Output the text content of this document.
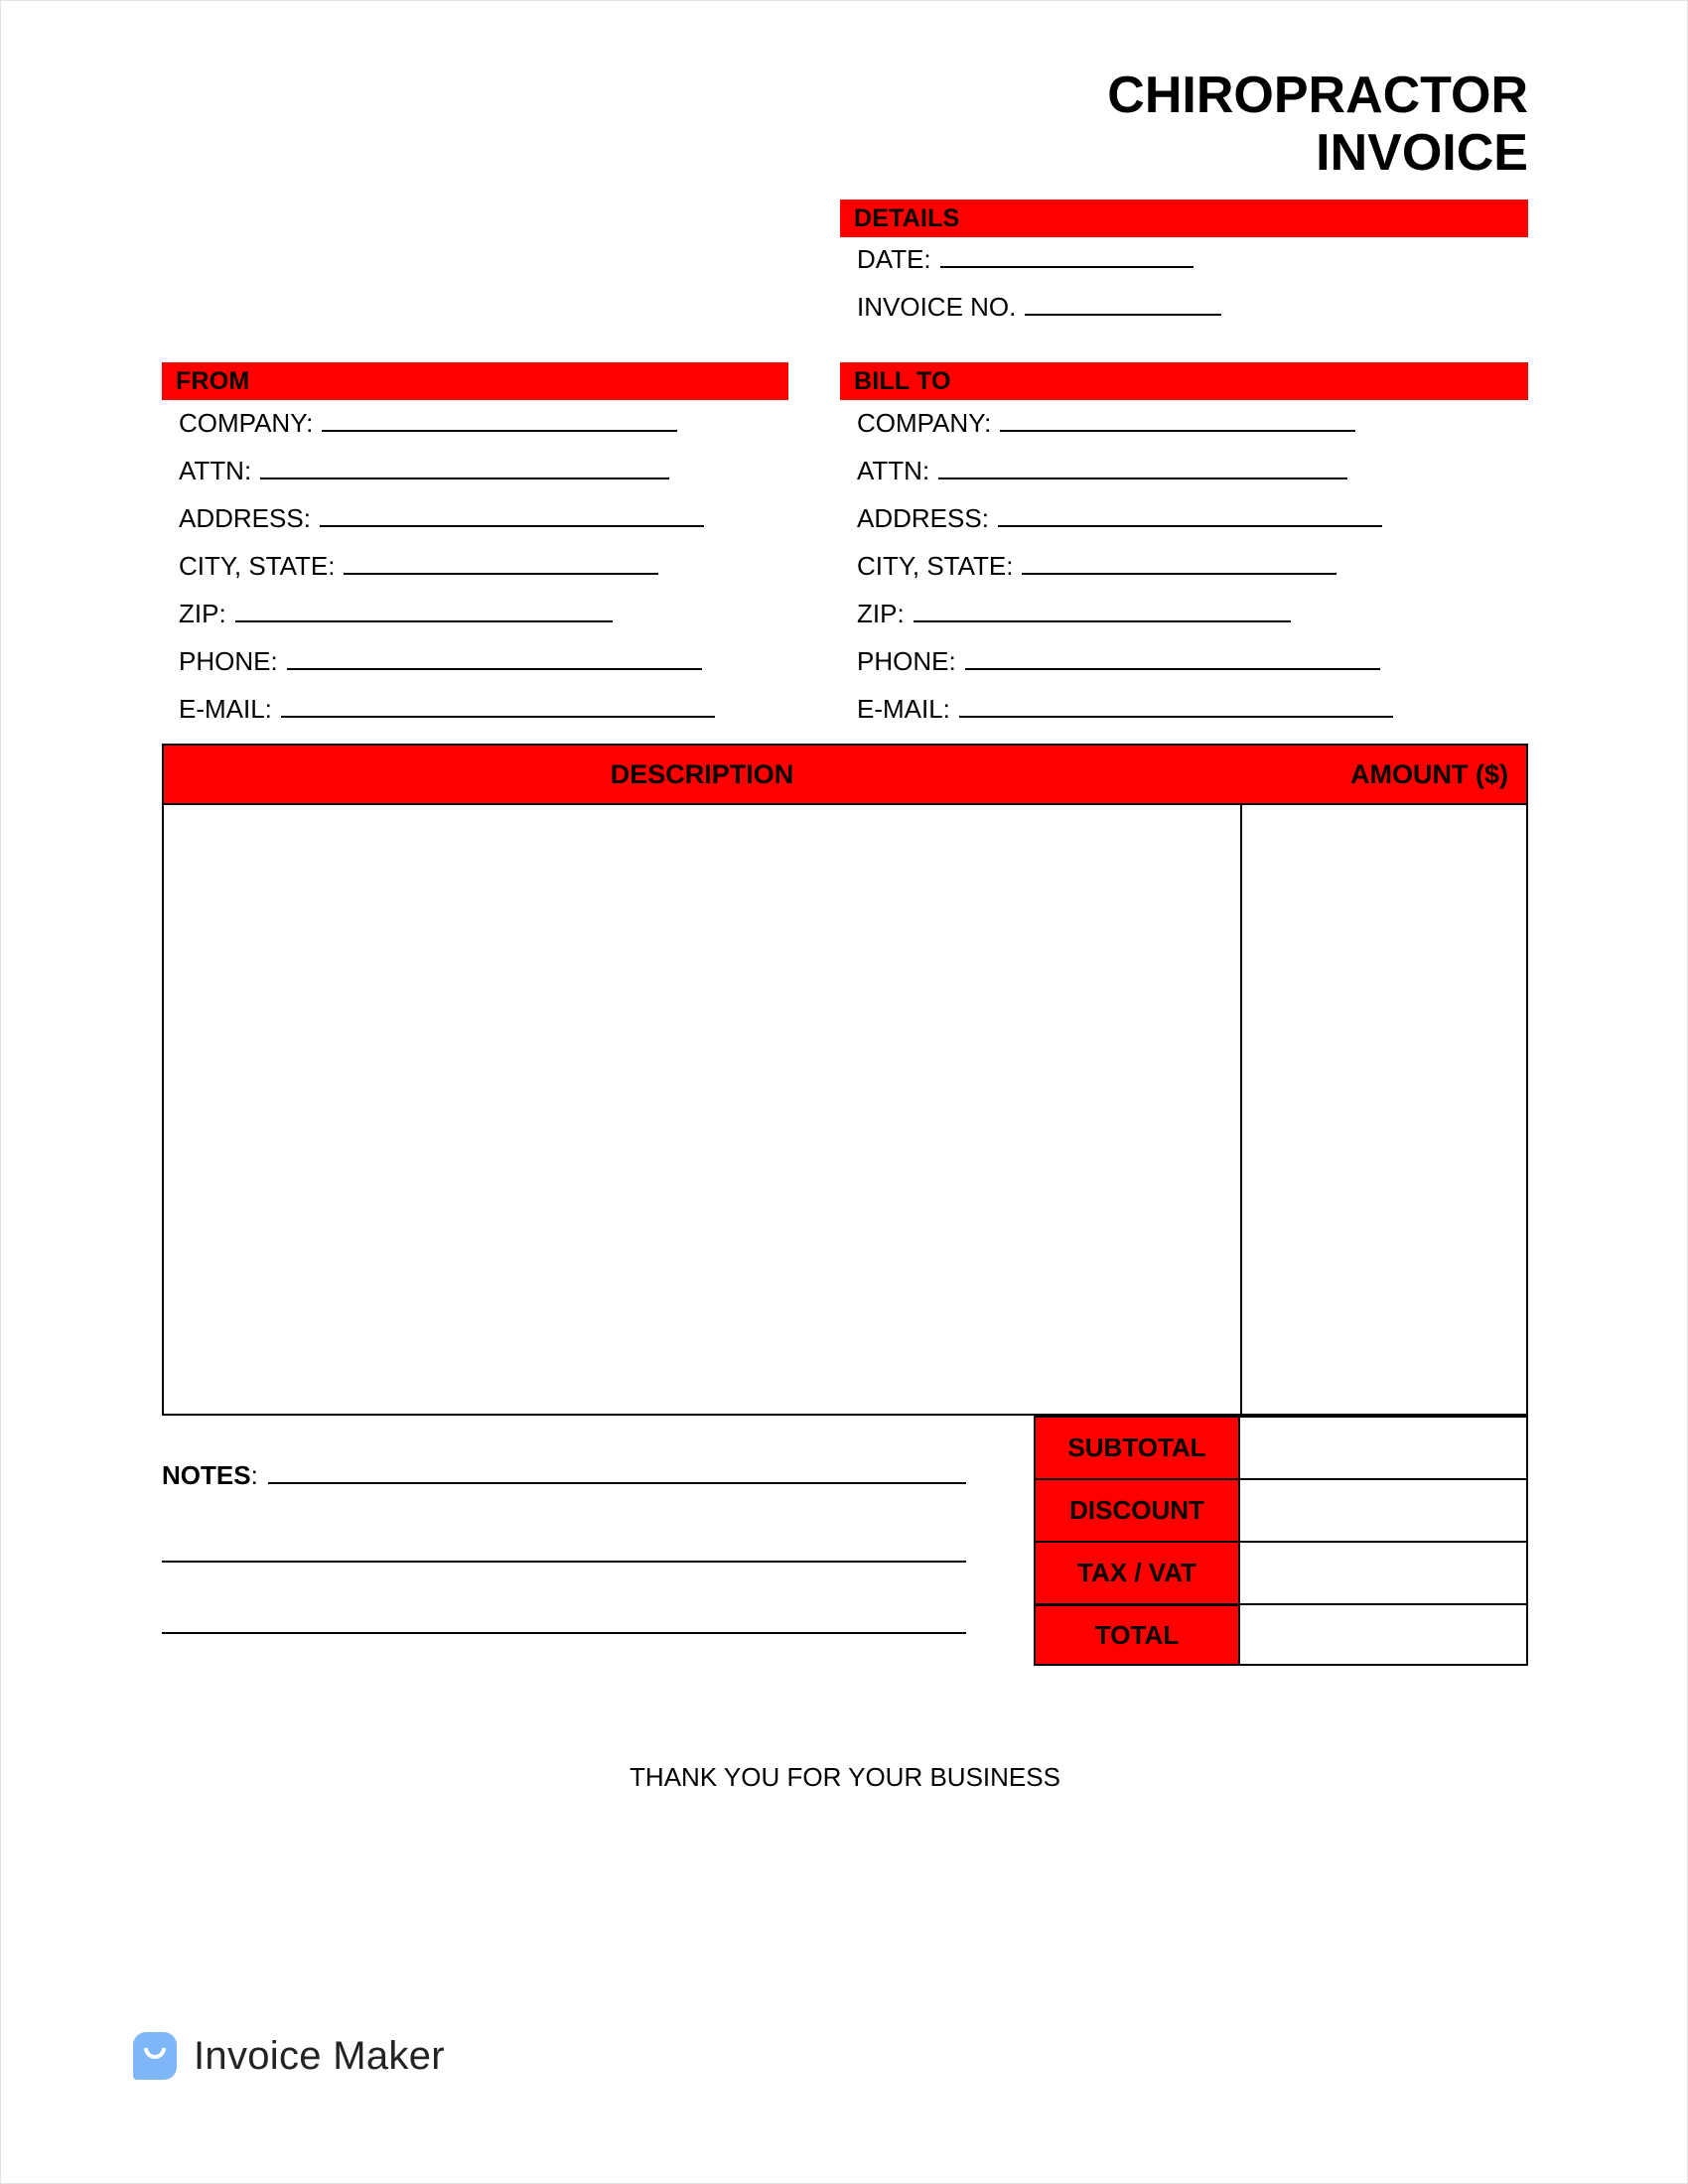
CHIROPRACTOR
INVOICE
DETAILS
DATE:
INVOICE NO.
FROM
COMPANY:
ATTN:
ADDRESS:
CITY, STATE:
ZIP:
PHONE:
E-MAIL:
BILL TO
COMPANY:
ATTN:
ADDRESS:
CITY, STATE:
ZIP:
PHONE:
E-MAIL:
DESCRIPTION	AMOUNT ($)
SUBTOTAL
DISCOUNT
TAX / VAT
TOTAL
NOTES :
THANK YOU FOR YOUR BUSINESS
Invoice Maker
